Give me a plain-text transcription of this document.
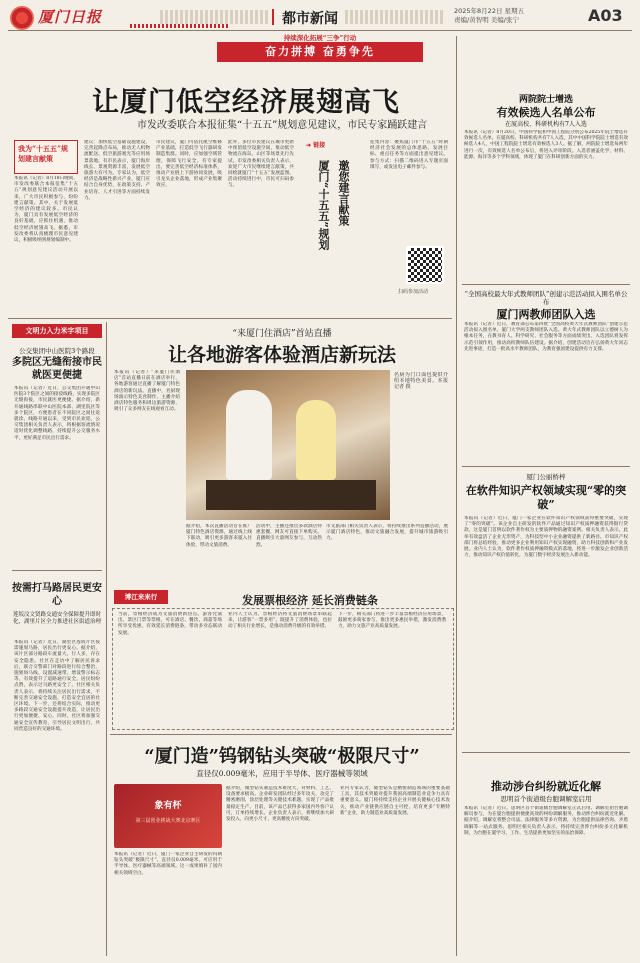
厦门日报	都市新闻	2025年8月22日 星期五
责编/黄智明 美编/张宁	A03
持续深化拓展“三争”行动
奋力拼搏 奋勇争先
让厦门低空经济展翅高飞
市发改委联合本报征集“十五五”规划意见建议，市民专家踊跃建言
我为“十五五”规划建言献策
本报讯（记者）8月18日晚间，市发改委联合本报征集“十五五”规划意见建议活动开展以来，广大市民积极参与，纷纷建言献策。其中，关于发展低空经济的建议较多。市民认为，厦门具有发展低空经济的良好基础，应抓住机遇，推动低空经济展翅高飞。据悉，市发改委将认真梳理市民意见建议，积极吸纳到规划编制中。
建议：加快低空基础设施建设，完善起降点布局，推动无人机物流配送、低空旅游观光等应用场景落地。有市民表示，厦门海岸线长、景观资源丰富，发展低空旅游大有可为。专家认为，低空经济是战略性新兴产业，厦门应结合自身优势，在政策支持、产业培育、人才引进等方面持续发力。
市民建议，厦门可依托航空维修产业基础，打造低空飞行器研发制造集群。同时，应加强空域管理，保障飞行安全。有专家提出，要完善低空经济标准体系，推动产业链上下游协同发展，吸引龙头企业落地，形成产业集聚效应。
此外，多位市民建议在城市更新中预留低空设施空间，推动低空物流在海岛、山区等场景先行先试。市发改委相关负责人表示，欢迎广大市民继续建言献策，共同绘就厦门“十五五”发展蓝图。活动持续进行中，市民可扫码参与。
➜ 链接
邀您建言献策
厦门“十五五”规划
征集内容：聚焦厦门市“十五五”时期经济社会发展的总体思路、发展目标、重点任务等方面提出意见建议。参与方式：扫描二维码进入专题页面填写，或发送电子邮件参与。
扫码参加活动
两院院士增选
有效候选人名单公布
在厦高校、科研机构有7人入选
本报讯（记者）8月20日，中国科学院和中国工程院分别公布2025年院士增选有效候选人名单。在厦高校、科研机构共有7人入选，其中中国科学院院士增选有效候选人4人，中国工程院院士增选有效候选人3人。据了解，两院院士增选每两年进行一次，有效候选人名单公布后，将进入评审阶段。入选者涵盖化学、材料、能源、海洋等多个学科领域，体现了厦门在科研创新方面的实力。
“全国高校最大年式教师团队”创建示范活动拟入围名单公布
厦门两教师团队入选
本报讯（记者）近日，教育部公布第四批“全国高校黄大年式教师团队”创建示范活动拟入围名单，厦门大学两支教师团队入选。黄大年式教师团队以立德树人为根本任务，在教书育人、科学研究、社会服务等方面成绩突出。入选团队将发挥示范引领作用，推动高校教师队伍建设。据介绍，创建活动旨在弘扬黄大年同志先进事迹，打造一批高水平教师团队，为教育强国建设提供有力支撑。
厦门公丽桥梓
在软件知识产权领域实现“零的突破”
本报讯（记者）近日，厦门一家企业在软件知识产权领域获得重要突破，实现了“零的突破”。该企业自主研发的软件产品通过知识产权质押融资获得银行贷款，这是厦门首例以软件著作权为主要质押物的融资案例。相关负责人表示，此举有效盘活了企业无形资产，为科技型中小企业融资提供了新路径。市知识产权部门将总结经验，推动更多企业利用知识产权实现融资，助力科技创新和产业发展。业内人士认为，软件著作权质押融资模式的落地，将进一步激发企业创新活力，推动知识产权价值转化，为厦门数字经济发展注入新动能。
推动涉台纠纷就近化解
思明首个街道级台胞调解室启用
本报讯（记者）近日，思明区首个街道级台胞调解室正式启用。调解室由台胞调解员参与，为在厦台胞提供便捷高效的纠纷调解服务，推动涉台纠纷就近化解。据介绍，调解室将整合司法、法律服务等多方资源，为台胞提供法律咨询、矛盾调解等一站式服务。思明区相关负责人表示，将持续完善涉台纠纷多元化解机制，为台胞在厦学习、工作、生活提供更加坚实的法治保障。
文明力入力米字项目
公交集团中山医院3个路段
多院区无缝衔接市民就医更便捷
本报讯（记者）近日，公交集团开通中山医院3个院区之间的接驳线路，实现多院区无缝衔接，市民就医更便捷。据介绍，新开通线路串联中山医院本部、湖里院区等多个院区，方便患者在不同院区之间往返就诊。线路开通以来，受到市民欢迎。公交集团相关负责人表示，将根据客流情况适时优化调整线路，持续提升公交服务水平，更好满足市民出行需求。
按需打马路居民更安心
莲坂汶文贤路交通安全保障提升即时化，湖里片区全力推进社区街道治理
本报讯（记者）近日，湖里区莲坂片区按需施划马路，居民出行更安心。据介绍，该片区部分路段车流量大、行人多，存在安全隐患。社区在走访中了解居民诉求后，联合交警部门对路段进行综合整治，施划斑马线、设置减速带、增设警示标志等，有效提升了道路通行安全。居民纷纷点赞，表示过马路更安全了。社区相关负责人表示，将持续关注居民出行需求，不断完善交通安全设施，打造安全宜居的社区环境。下一步，还将结合实际，推动更多路段交通安全设施提升改造，让居民出行更加便捷、安心。同时，社区将加强交通安全宣传教育，引导居民文明出行，共同营造良好的交通环境。
“来厦门住酒店”首站直播
让各地游客体验酒店新玩法
本报讯（记者）“来厦门住酒店”首站直播日前在酒店举行，各地游客通过直播了解厦门特色酒店的新玩法。直播中，名厨现场演示特色美食制作，主播介绍酒店特色服务和周边旅游资源，吸引了众多网友在线观看互动。
名厨为门口面包提供介绍本地特色美食。本报记者 摄
据介绍，本次直播活动旨在推广厦门特色酒店资源，通过线上线下联动，吸引更多游客来厦入住体验，带动文旅消费。
活动中，主播还推出多款酒店特惠套餐，网友可直接下单购买。直播吸引大量网友参与，互动热烈。
市文旅部门相关负责人表示，将持续推出系列直播活动，展示厦门酒店特色，推动文旅融合发展，提升城市旅游吸引力。
博江来来行	发展票根经济 延长消费链条
当前，票根经济成为文旅消费新热点。游客凭演出、景区门票等票根，可在酒店、餐饮、商超等场所享受优惠，有效延长消费链条，带动多业态联动发展。
业内人士认为，票根经济将文旅消费场景串联起来，让游客“一票多用”，既提升了消费体验，也拉动了相关行业增长，是推动消费升级的有效举措。
下一步，相关部门将进一步丰富票根经济应用场景，鼓励更多商家参与，推出更多惠民举措，激发消费潜力，助力文旅产业高质量发展。
“厦门造”钨钢钻头突破“极限尺寸”
直径仅0.009毫米，应用于半导体、医疗器械等领域
象有杯
第三届创业挑战大赛北京赛区
本报讯（记者）近日，厦门一家企业自主研发的钨钢钻头突破“极限尺寸”，直径仅0.009毫米，可应用于半导体、医疗器械等高端领域。这一成果填补了国内相关领域空白。
据介绍，微型钻头制造技术难度大，对材料、工艺、设备要求极高。企业研发团队经过多年攻关，攻克了精密磨削、涂层处理等关键技术难题，实现了产品批量稳定生产。目前，该产品已获得多家国内外客户认可，订单持续增长。企业负责人表示，将继续加大研发投入，向更小尺寸、更高精度方向突破。
业内专家认为，微型钻头是精密制造领域的重要基础工具，其技术突破对提升我国高端制造业竞争力具有重要意义。厦门将持续支持企业开展关键核心技术攻关，推动产业链供应链自主可控，培育更多“专精特新”企业，助力制造业高质量发展。
